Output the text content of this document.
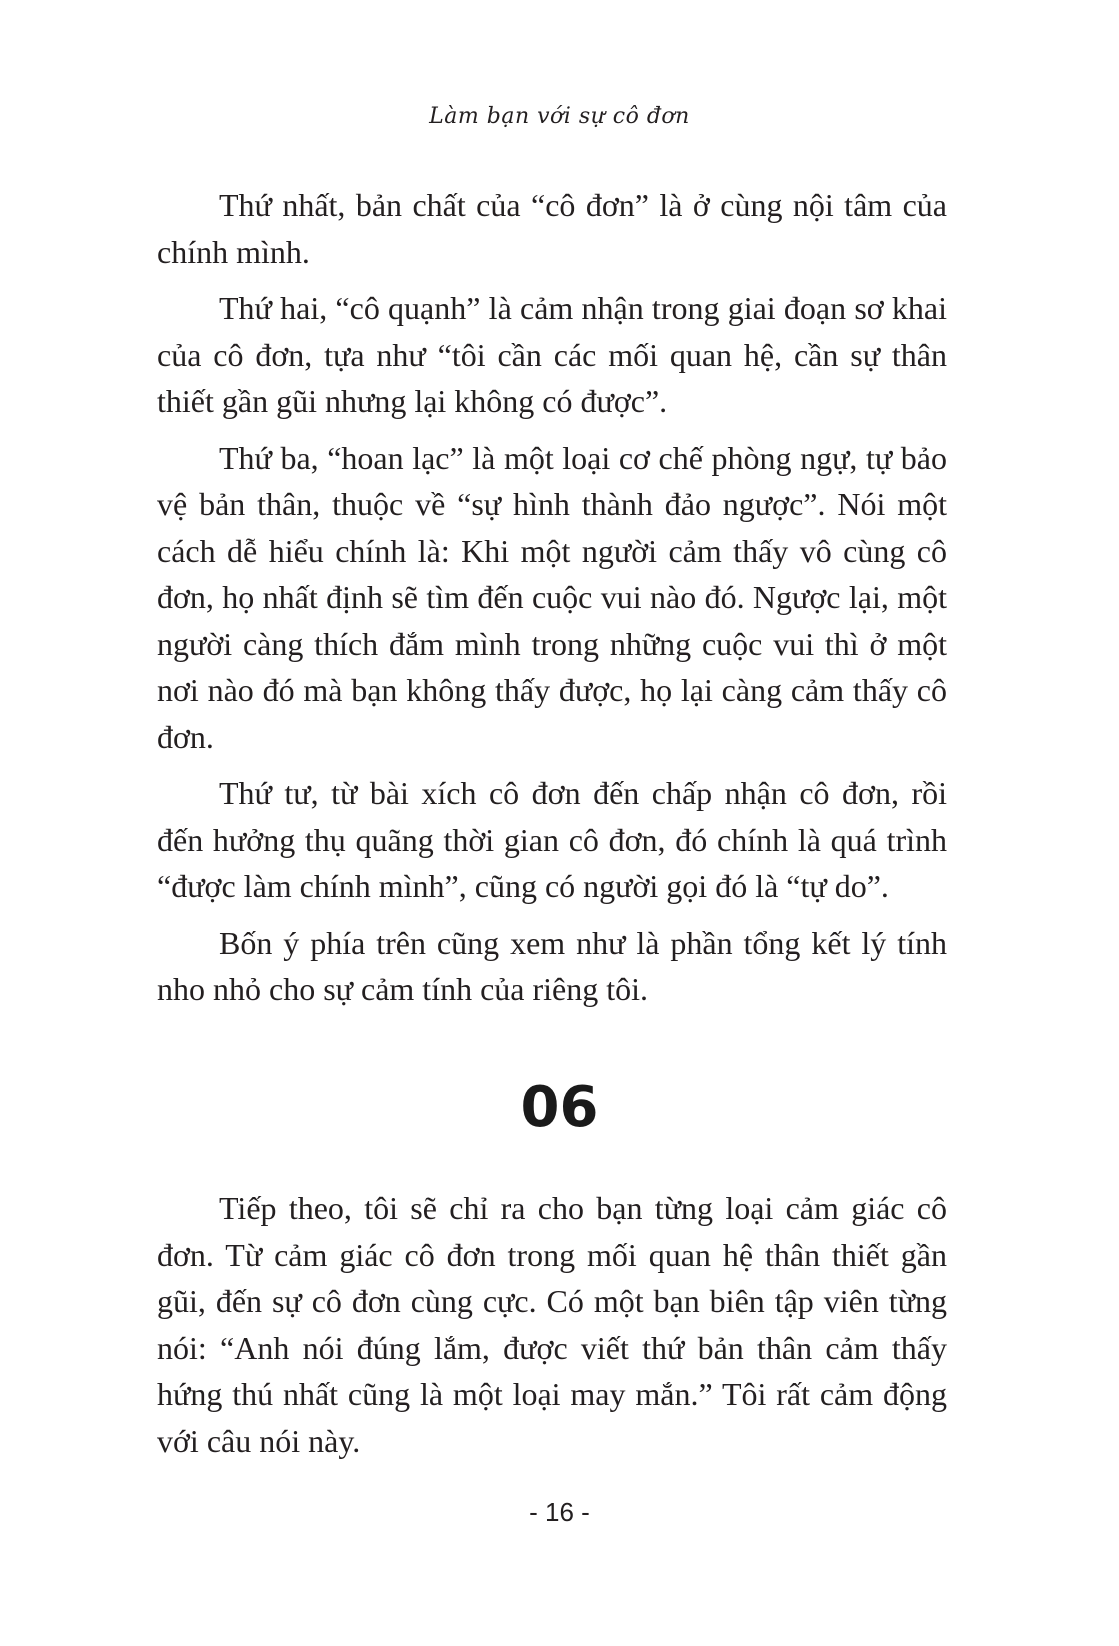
Làm bạn với sự cô đơn

Thứ nhất, bản chất của “cô đơn” là ở cùng nội tâm của chính mình.

Thứ hai, “cô quạnh” là cảm nhận trong giai đoạn sơ khai của cô đơn, tựa như “tôi cần các mối quan hệ, cần sự thân thiết gần gũi nhưng lại không có được”.

Thứ ba, “hoan lạc” là một loại cơ chế phòng ngự, tự bảo vệ bản thân, thuộc về “sự hình thành đảo ngược”. Nói một cách dễ hiểu chính là: Khi một người cảm thấy vô cùng cô đơn, họ nhất định sẽ tìm đến cuộc vui nào đó. Ngược lại, một người càng thích đắm mình trong những cuộc vui thì ở một nơi nào đó mà bạn không thấy được, họ lại càng cảm thấy cô đơn.

Thứ tư, từ bài xích cô đơn đến chấp nhận cô đơn, rồi đến hưởng thụ quãng thời gian cô đơn, đó chính là quá trình “được làm chính mình”, cũng có người gọi đó là “tự do”.

Bốn ý phía trên cũng xem như là phần tổng kết lý tính nho nhỏ cho sự cảm tính của riêng tôi.

06

Tiếp theo, tôi sẽ chỉ ra cho bạn từng loại cảm giác cô đơn. Từ cảm giác cô đơn trong mối quan hệ thân thiết gần gũi, đến sự cô đơn cùng cực. Có một bạn biên tập viên từng nói: “Anh nói đúng lắm, được viết thứ bản thân cảm thấy hứng thú nhất cũng là một loại may mắn.” Tôi rất cảm động với câu nói này.

- 16 -
